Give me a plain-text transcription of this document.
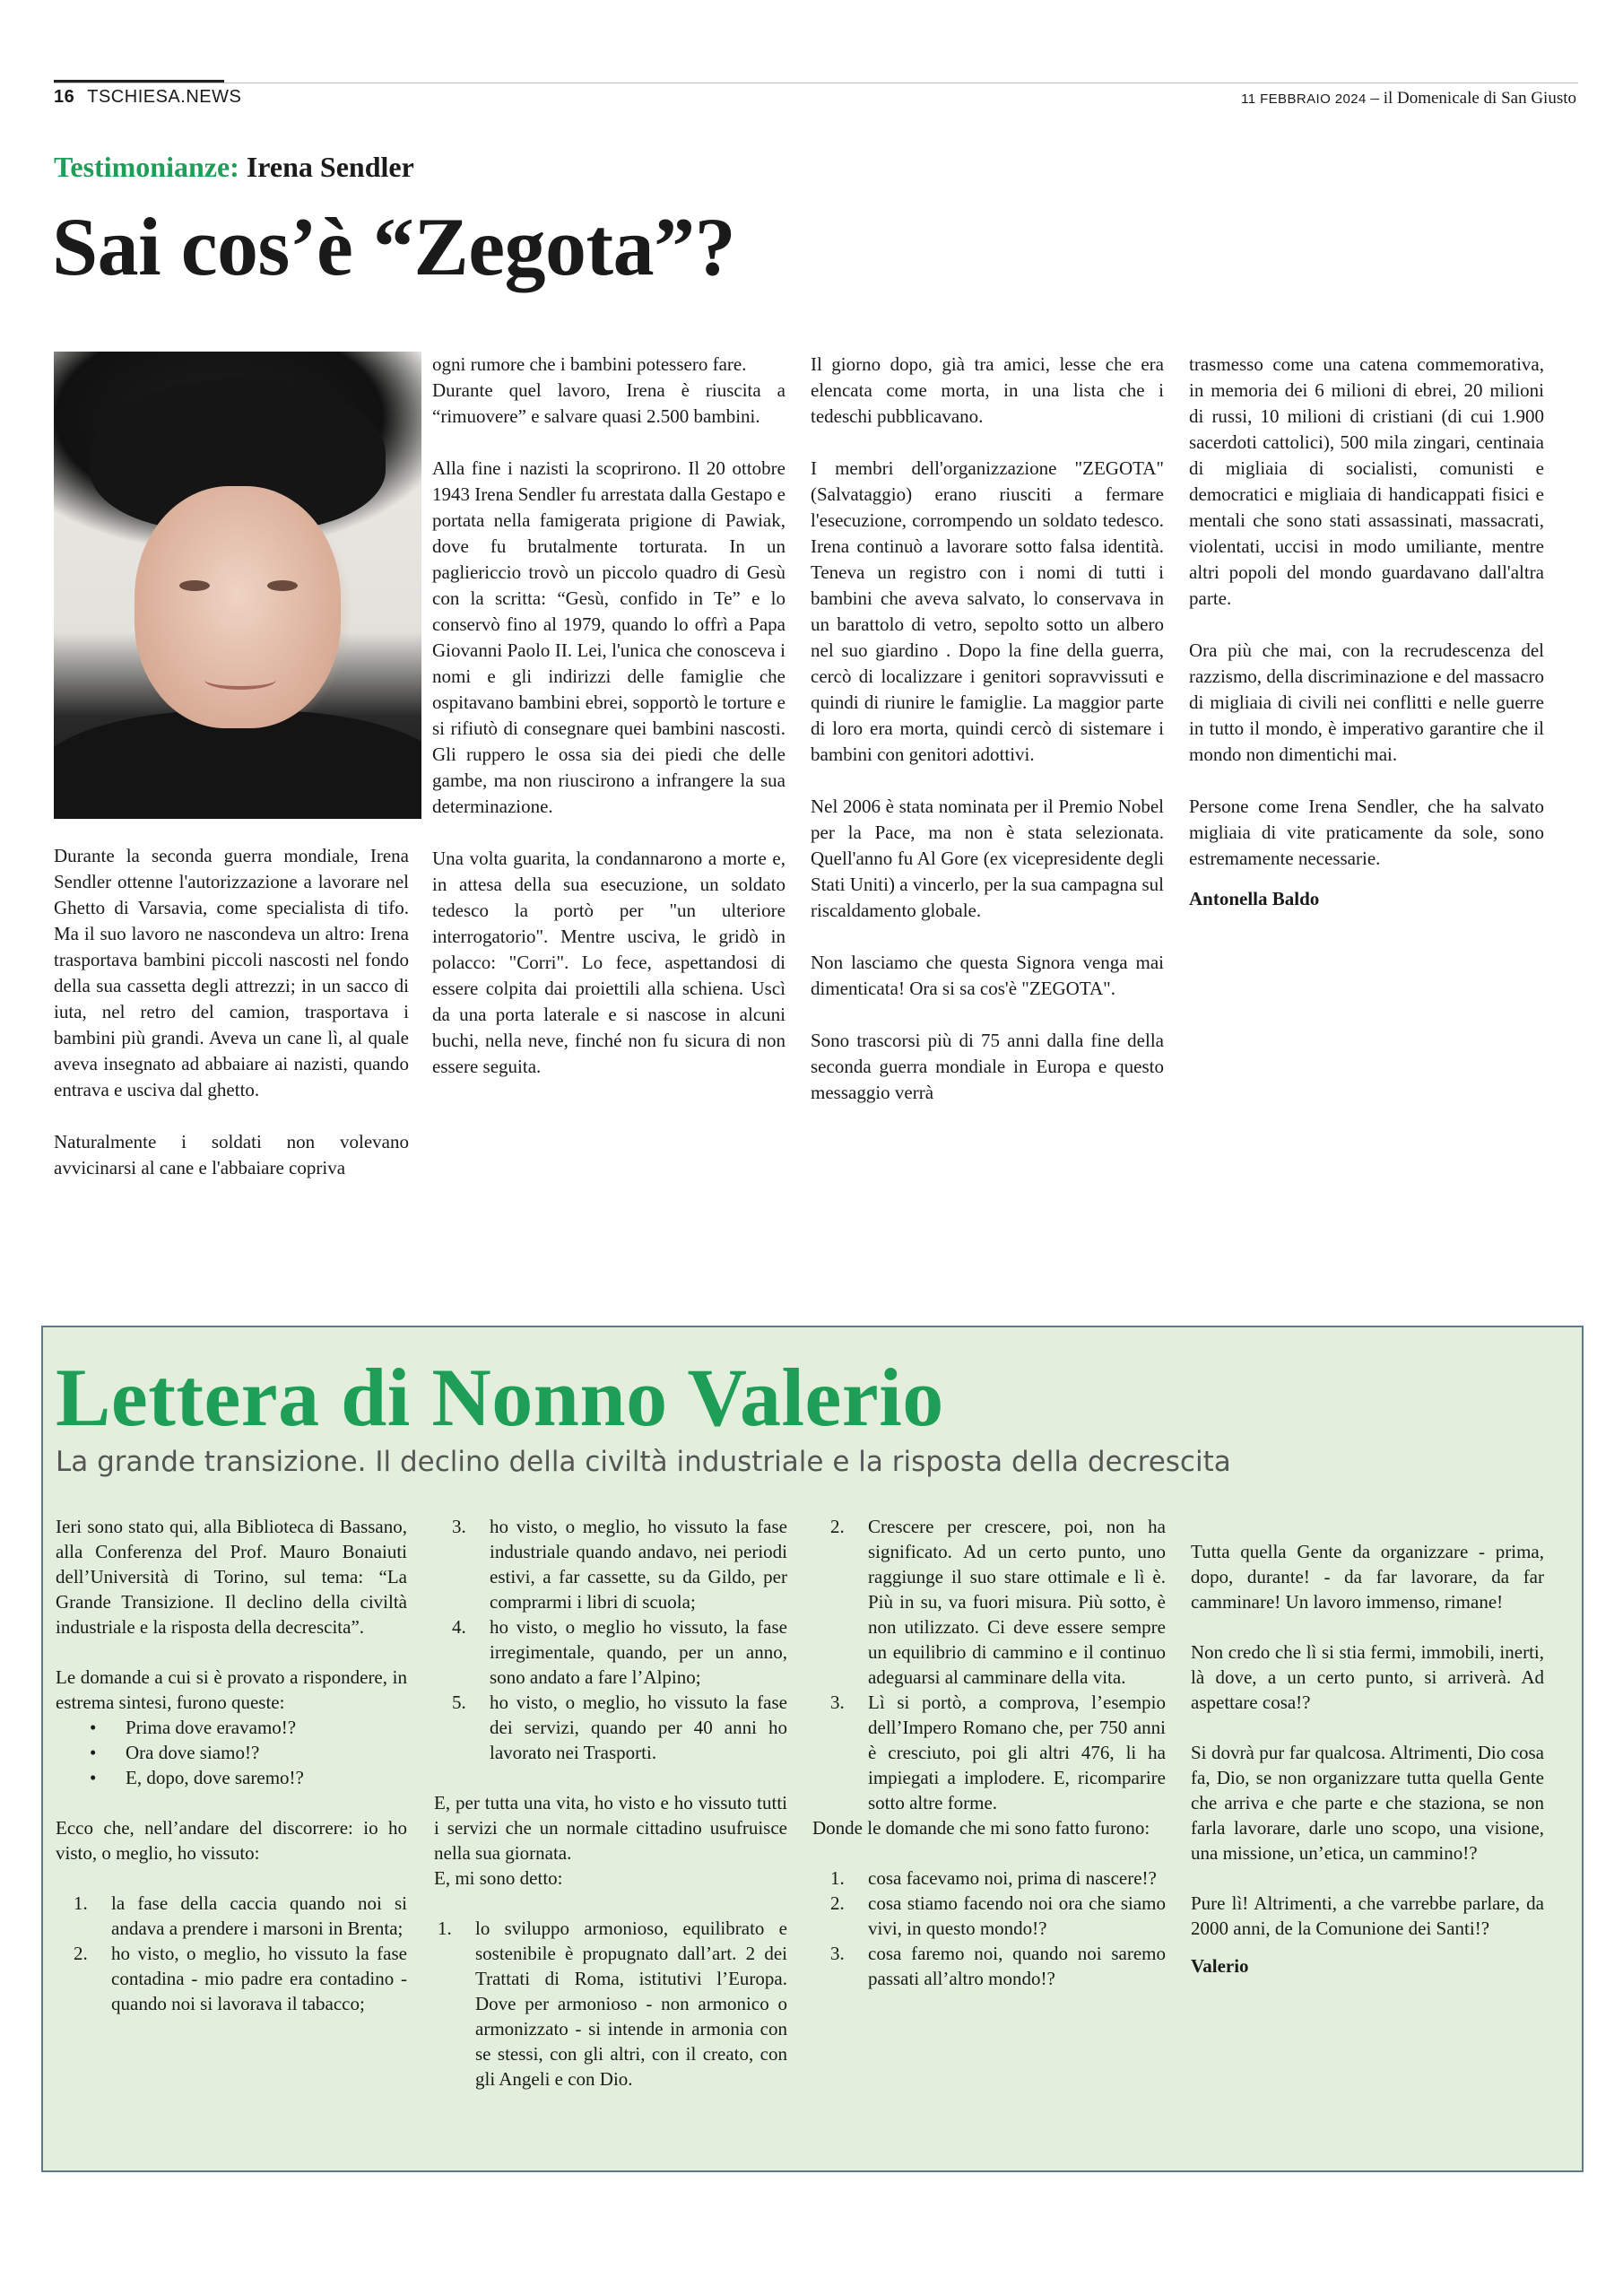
16 TSCHIESA.NEWS	11 FEBBRAIO 2024 – il Domenicale di San Giusto
Testimonianze: Irena Sendler
Sai cos’è “Zegota”?

Durante la seconda guerra mondiale, Irena Sendler ottenne l'autorizzazione a lavorare nel Ghetto di Varsavia, come specialista di tifo. Ma il suo lavoro ne nascondeva un altro: Irena trasportava bambini piccoli nascosti nel fondo della sua cassetta degli attrezzi; in un sacco di iuta, nel retro del camion, trasportava i bambini più grandi. Aveva un cane lì, al quale aveva insegnato ad abbaiare ai nazisti, quando entrava e usciva dal ghetto.

Naturalmente i soldati non volevano avvicinarsi al cane e l'abbaiare copriva

ogni rumore che i bambini potessero fare.

Durante quel lavoro, Irena è riuscita a “rimuovere” e salvare quasi 2.500 bambini.

Alla fine i nazisti la scoprirono. Il 20 ottobre 1943 Irena Sendler fu arrestata dalla Gestapo e portata nella famigerata prigione di Pawiak, dove fu brutalmente torturata. In un pagliericcio trovò un piccolo quadro di Gesù con la scritta: “Gesù, confido in Te” e lo conservò fino al 1979, quando lo offrì a Papa Giovanni Paolo II. Lei, l'unica che conosceva i nomi e gli indirizzi delle famiglie che ospitavano bambini ebrei, sopportò le torture e si rifiutò di consegnare quei bambini nascosti. Gli ruppero le ossa sia dei piedi che delle gambe, ma non riuscirono a infrangere la sua determinazione.

Una volta guarita, la condannarono a morte e, in attesa della sua esecuzione, un soldato tedesco la portò per "un ulteriore interrogatorio". Mentre usciva, le gridò in polacco: "Corri". Lo fece, aspettandosi di essere colpita dai proiettili alla schiena. Uscì da una porta laterale e si nascose in alcuni buchi, nella neve, finché non fu sicura di non essere seguita.

Il giorno dopo, già tra amici, lesse che era elencata come morta, in una lista che i tedeschi pubblicavano.

I membri dell'organizzazione "ZEGOTA" (Salvataggio) erano riusciti a fermare l'esecuzione, corrompendo un soldato tedesco. Irena continuò a lavorare sotto falsa identità. Teneva un registro con i nomi di tutti i bambini che aveva salvato, lo conservava in un barattolo di vetro, sepolto sotto un albero nel suo giardino . Dopo la fine della guerra, cercò di localizzare i genitori sopravvissuti e quindi di riunire le famiglie. La maggior parte di loro era morta, quindi cercò di sistemare i bambini con genitori adottivi.

Nel 2006 è stata nominata per il Premio Nobel per la Pace, ma non è stata selezionata. Quell'anno fu Al Gore (ex vicepresidente degli Stati Uniti) a vincerlo, per la sua campagna sul riscaldamento globale.

Non lasciamo che questa Signora venga mai dimenticata! Ora si sa cos'è "ZEGOTA".

Sono trascorsi più di 75 anni dalla fine della seconda guerra mondiale in Europa e questo messaggio verrà

trasmesso come una catena commemorativa, in memoria dei 6 milioni di ebrei, 20 milioni di russi, 10 milioni di cristiani (di cui 1.900 sacerdoti cattolici), 500 mila zingari, centinaia di migliaia di socialisti, comunisti e democratici e migliaia di handicappati fisici e mentali che sono stati assassinati, massacrati, violentati, uccisi in modo umiliante, mentre altri popoli del mondo guardavano dall'altra parte.

Ora più che mai, con la recrudescenza del razzismo, della discriminazione e del massacro di migliaia di civili nei conflitti e nelle guerre in tutto il mondo, è imperativo garantire che il mondo non dimentichi mai.

Persone come Irena Sendler, che ha salvato migliaia di vite praticamente da sole, sono estremamente necessarie.

Antonella Baldo

Lettera di Nonno Valerio
La grande transizione. Il declino della civiltà industriale e la risposta della decrescita

Ieri sono stato qui, alla Biblioteca di Bassano, alla Conferenza del Prof. Mauro Bonaiuti dell’Università di Torino, sul tema: “La Grande Transizione. Il declino della civiltà industriale e la risposta della decrescita”.

Le domande a cui si è provato a rispondere, in estrema sintesi, furono queste:

• Prima dove eravamo!?
• Ora dove siamo!?
• E, dopo, dove saremo!?

Ecco che, nell’andare del discorrere: io ho visto, o meglio, ho vissuto:

1. la fase della caccia quando noi si andava a prendere i marsoni in Brenta;
2. ho visto, o meglio, ho vissuto la fase contadina - mio padre era contadino - quando noi si lavorava il tabacco;
3. ho visto, o meglio, ho vissuto la fase industriale quando andavo, nei periodi estivi, a far cassette, su da Gildo, per comprarmi i libri di scuola;
4. ho visto, o meglio ho vissuto, la fase irregimentale, quando, per un anno, sono andato a fare l’Alpino;
5. ho visto, o meglio, ho vissuto la fase dei servizi, quando per 40 anni ho lavorato nei Trasporti.

E, per tutta una vita, ho visto e ho vissuto tutti i servizi che un normale cittadino usufruisce nella sua giornata.

E, mi sono detto:

1. lo sviluppo armonioso, equilibrato e sostenibile è propugnato dall’art. 2 dei Trattati di Roma, istitutivi l’Europa. Dove per armonioso - non armonico o armonizzato - si intende in armonia con se stessi, con gli altri, con il creato, con gli Angeli e con Dio.
2. Crescere per crescere, poi, non ha significato. Ad un certo punto, uno raggiunge il suo stare ottimale e lì è. Più in su, va fuori misura. Più sotto, è non utilizzato. Ci deve essere sempre un equilibrio di cammino e il continuo adeguarsi al camminare della vita.
3. Lì si portò, a comprova, l’esempio dell’Impero Romano che, per 750 anni è cresciuto, poi gli altri 476, li ha impiegati a implodere. E, ricomparire sotto altre forme.

Donde le domande che mi sono fatto furono:

1. cosa facevamo noi, prima di nascere!?
2. cosa stiamo facendo noi ora che siamo vivi, in questo mondo!?
3. cosa faremo noi, quando noi saremo passati all’altro mondo!?

Tutta quella Gente da organizzare - prima, dopo, durante! - da far lavorare, da far camminare! Un lavoro immenso, rimane!

Non credo che lì si stia fermi, immobili, inerti, là dove, a un certo punto, si arriverà. Ad aspettare cosa!?

Si dovrà pur far qualcosa. Altrimenti, Dio cosa fa, Dio, se non organizzare tutta quella Gente che arriva e che parte e che staziona, se non farla lavorare, darle uno scopo, una visione, una missione, un’etica, un cammino!?

Pure lì! Altrimenti, a che varrebbe parlare, da 2000 anni, de la Comunione dei Santi!?

Valerio
